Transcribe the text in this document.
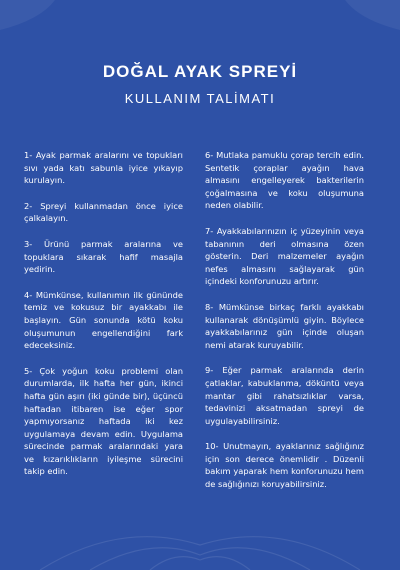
DOĞAL AYAK SPREYİ
KULLANIM TALİMATI

1- Ayak parmak aralarını ve topukları sıvı yada katı sabunla iyice yıkayıp kurulayın.

2- Spreyi kullanmadan önce iyice çalkalayın.

3- Ürünü parmak aralarına ve topuklara sıkarak hafif masajla yedirin.

4- Mümkünse, kullanımın ilk gününde temiz ve kokusuz bir ayakkabı ile başlayın. Gün sonunda kötü koku oluşumunun engellendiğini fark edeceksiniz.

5- Çok yoğun koku problemi olan durumlarda, ilk hafta her gün, ikinci hafta gün aşırı (iki günde bir), üçüncü haftadan itibaren ise eğer spor yapmıyorsanız haftada iki kez uygulamaya devam edin. Uygulama sürecinde parmak aralarındaki yara ve kızarıklıkların iyileşme sürecini takip edin.

6- Mutlaka pamuklu çorap tercih edin. Sentetik çoraplar ayağın hava almasını engelleyerek bakterilerin çoğalmasına ve koku oluşumuna neden olabilir.

7- Ayakkabılarınızın iç yüzeyinin veya tabanının deri olmasına özen gösterin. Deri malzemeler ayağın nefes almasını sağlayarak gün içindeki konforunuzu artırır.

8- Mümkünse birkaç farklı ayakkabı kullanarak dönüşümlü giyin. Böylece ayakkabılarınız gün içinde oluşan nemi atarak kuruyabilir.

9- Eğer parmak aralarında derin çatlaklar, kabuklanma, döküntü veya mantar gibi rahatsızlıklar varsa, tedavinizi aksatmadan spreyi de uygulayabilirsiniz.

10- Unutmayın, ayaklarınız sağlığınız için son derece önemlidir . Düzenli bakım yaparak hem konforunuzu hem de sağlığınızı koruyabilirsiniz.
